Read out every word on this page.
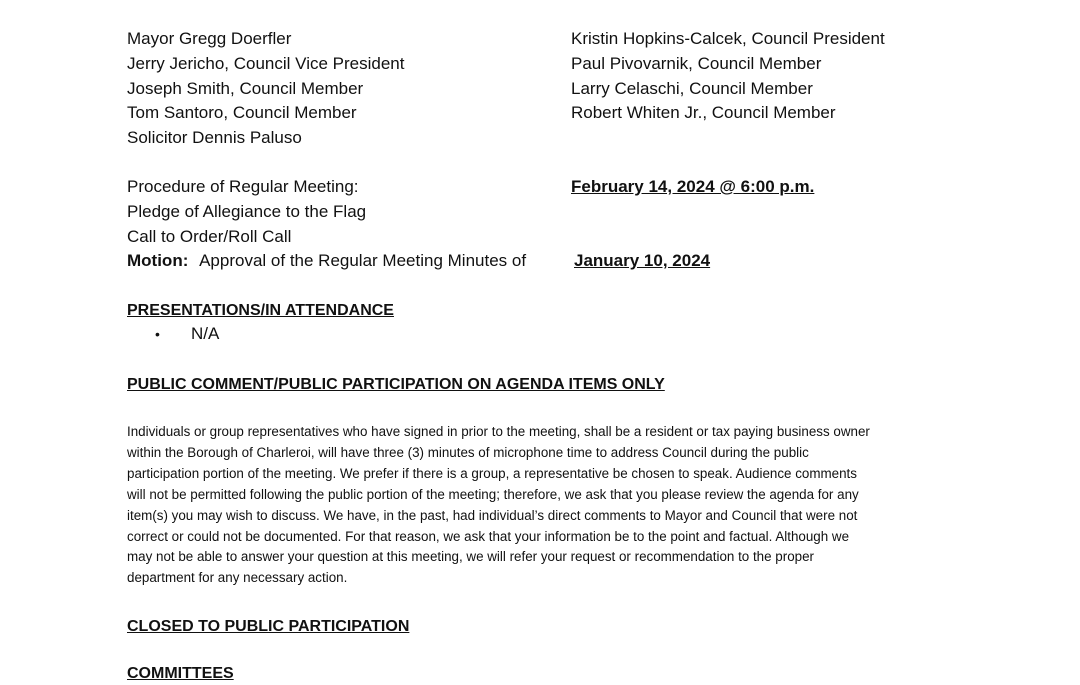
Mayor Gregg Doerfler
Jerry Jericho, Council Vice President
Joseph Smith, Council Member
Tom Santoro, Council Member
Solicitor Dennis Paluso
Kristin Hopkins-Calcek, Council President
Paul Pivovarnik, Council Member
Larry Celaschi, Council Member
Robert Whiten Jr., Council Member
Procedure of Regular Meeting:	February 14, 2024 @ 6:00 p.m.
Pledge of Allegiance to the Flag
Call to Order/Roll Call
Motion: Approval of the Regular Meeting Minutes of	January 10, 2024
PRESENTATIONS/IN ATTENDANCE
• N/A
PUBLIC COMMENT/PUBLIC PARTICIPATION ON AGENDA ITEMS ONLY
Individuals or group representatives who have signed in prior to the meeting, shall be a resident or tax paying business owner
within the Borough of Charleroi, will have three (3) minutes of microphone time to address Council during the public
participation portion of the meeting. We prefer if there is a group, a representative be chosen to speak. Audience comments
will not be permitted following the public portion of the meeting; therefore, we ask that you please review the agenda for any
item(s) you may wish to discuss. We have, in the past, had individual’s direct comments to Mayor and Council that were not
correct or could not be documented. For that reason, we ask that your information be to the point and factual. Although we
may not be able to answer your question at this meeting, we will refer your request or recommendation to the proper
department for any necessary action.
CLOSED TO PUBLIC PARTICIPATION
COMMITTEES
